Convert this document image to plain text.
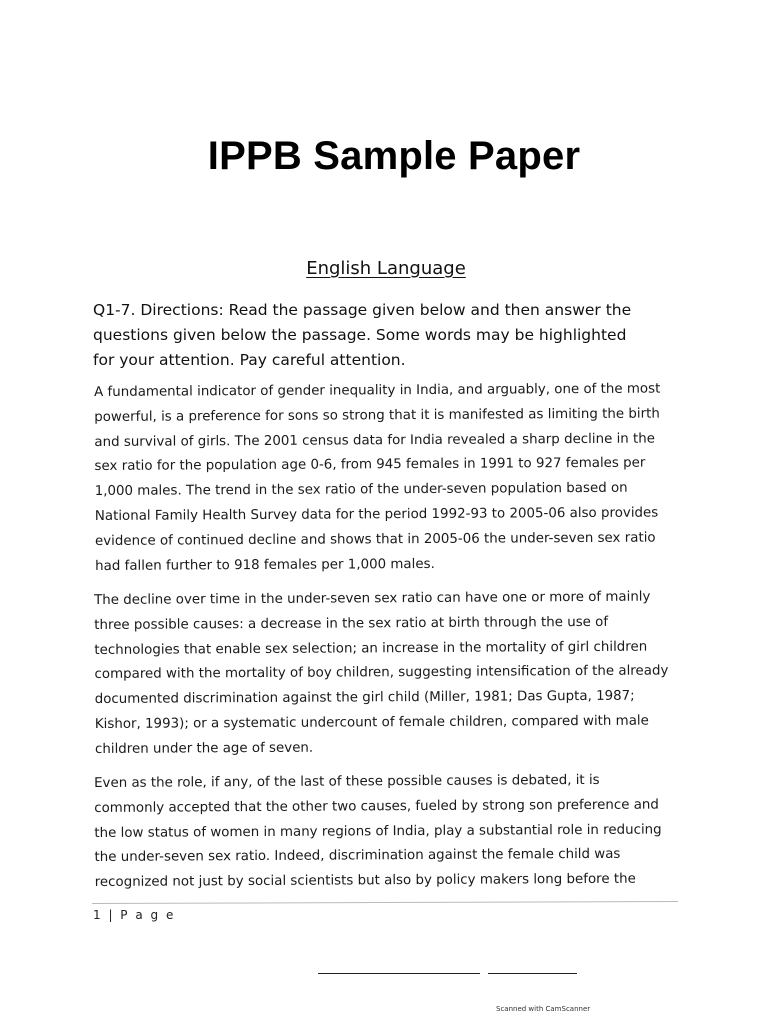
IPPB Sample Paper
English Language
Q1-7. Directions: Read the passage given below and then answer the
questions given below the passage. Some words may be highlighted
for your attention. Pay careful attention.
A fundamental indicator of gender inequality in India, and arguably, one of the most
powerful, is a preference for sons so strong that it is manifested as limiting the birth
and survival of girls. The 2001 census data for India revealed a sharp decline in the
sex ratio for the population age 0-6, from 945 females in 1991 to 927 females per
1,000 males. The trend in the sex ratio of the under-seven population based on
National Family Health Survey data for the period 1992-93 to 2005-06 also provides
evidence of continued decline and shows that in 2005-06 the under-seven sex ratio
had fallen further to 918 females per 1,000 males.
The decline over time in the under-seven sex ratio can have one or more of mainly
three possible causes: a decrease in the sex ratio at birth through the use of
technologies that enable sex selection; an increase in the mortality of girl children
compared with the mortality of boy children, suggesting intensification of the already
documented discrimination against the girl child (Miller, 1981; Das Gupta, 1987;
Kishor, 1993); or a systematic undercount of female children, compared with male
children under the age of seven.
Even as the role, if any, of the last of these possible causes is debated, it is
commonly accepted that the other two causes, fueled by strong son preference and
the low status of women in many regions of India, play a substantial role in reducing
the under-seven sex ratio. Indeed, discrimination against the female child was
recognized not just by social scientists but also by policy makers long before the
1 | P a g e
Scanned with CamScanner
